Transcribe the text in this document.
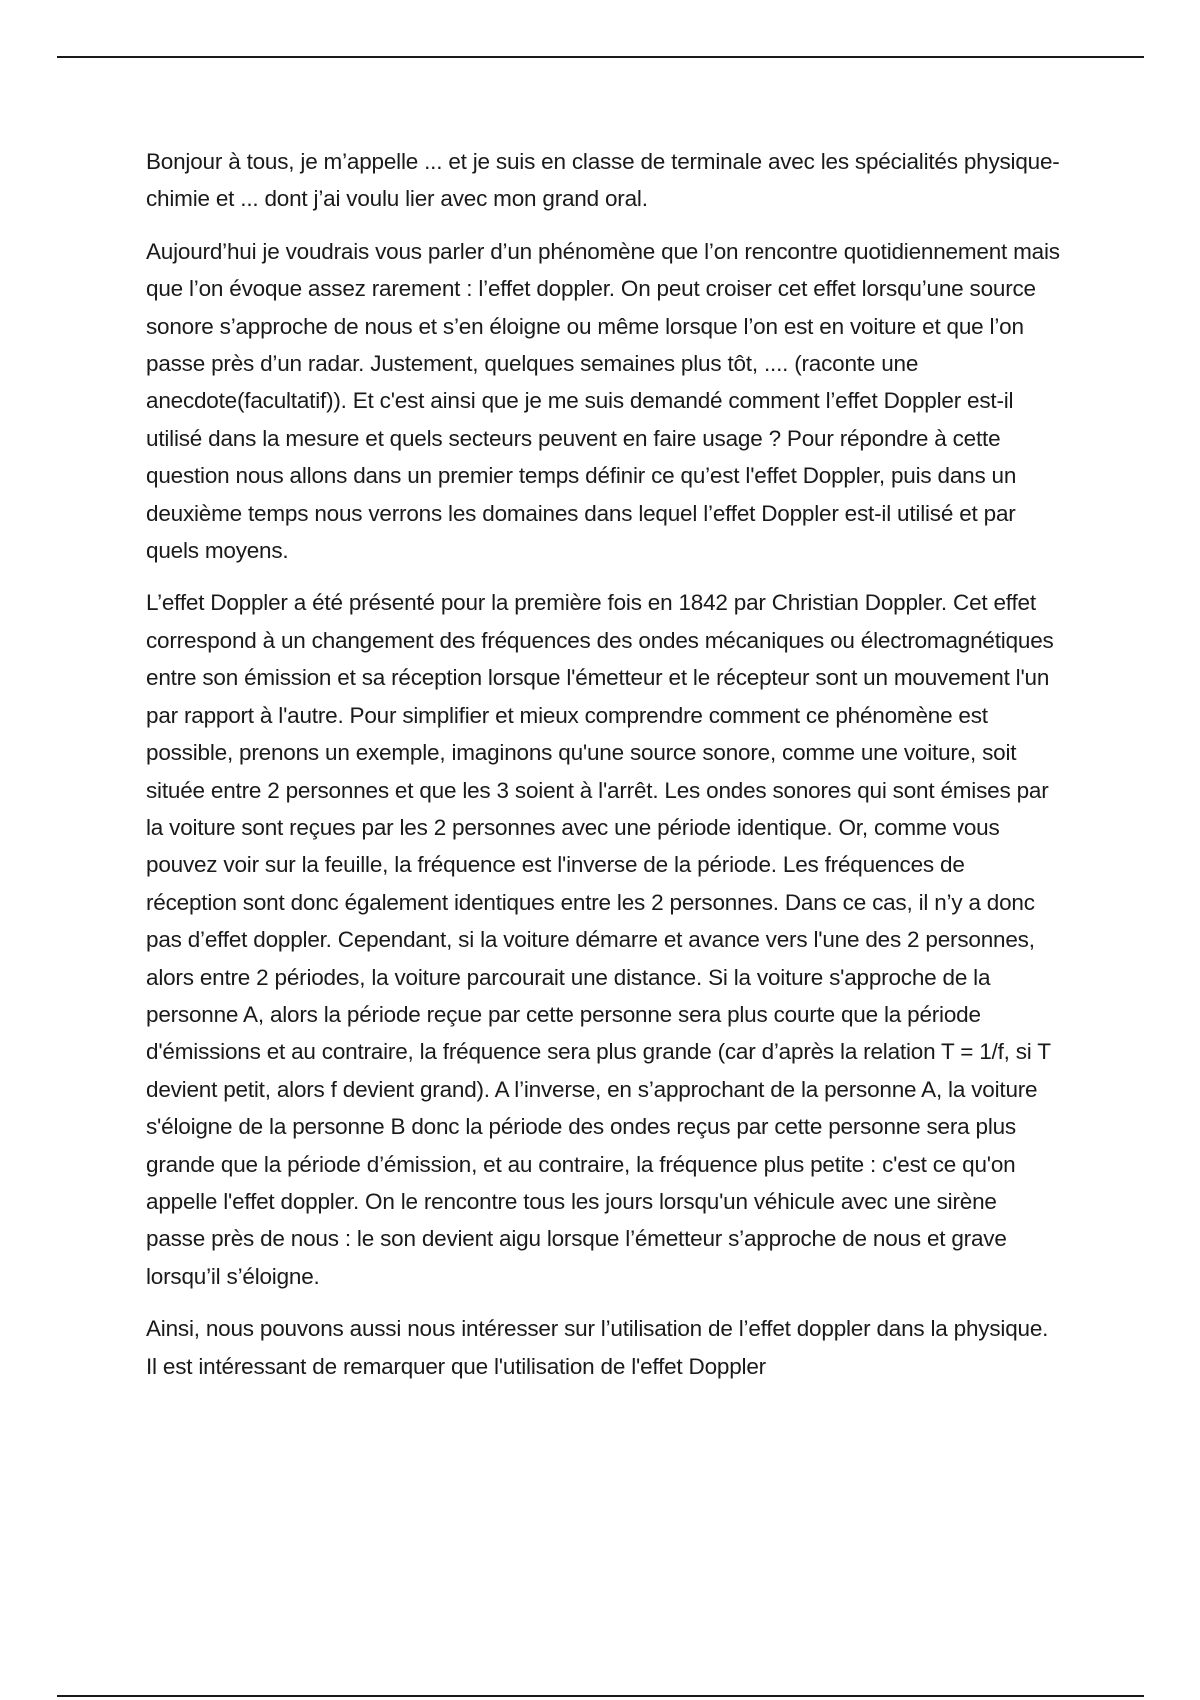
Bonjour à tous, je m’appelle ... et je suis en classe de terminale avec les spécialités physique-chimie et ... dont j’ai voulu lier avec mon grand oral.

Aujourd’hui je voudrais vous parler d’un phénomène que l’on rencontre quotidiennement mais que l’on évoque assez rarement : l’effet doppler. On peut croiser cet effet lorsqu’une source sonore s’approche de nous et s’en éloigne ou même lorsque l’on est en voiture et que l’on passe près d’un radar. Justement, quelques semaines plus tôt, .... (raconte une anecdote(facultatif)). Et c'est ainsi que je me suis demandé comment l’effet Doppler est-il utilisé dans la mesure et quels secteurs peuvent en faire usage ? Pour répondre à cette question nous allons dans un premier temps définir ce qu’est l'effet Doppler, puis dans un deuxième temps nous verrons les domaines dans lequel l’effet Doppler est-il utilisé et par quels moyens.

L’effet Doppler a été présenté pour la première fois en 1842 par Christian Doppler. Cet effet correspond à un changement des fréquences des ondes mécaniques ou électromagnétiques entre son émission et sa réception lorsque l'émetteur et le récepteur sont un mouvement l'un par rapport à l'autre. Pour simplifier et mieux comprendre comment ce phénomène est possible, prenons un exemple, imaginons qu'une source sonore, comme une voiture, soit située entre 2 personnes et que les 3 soient à l'arrêt. Les ondes sonores qui sont émises par la voiture sont reçues par les 2 personnes avec une période identique. Or, comme vous pouvez voir sur la feuille, la fréquence est l'inverse de la période. Les fréquences de réception sont donc également identiques entre les 2 personnes. Dans ce cas, il n’y a donc pas d’effet doppler. Cependant, si la voiture démarre et avance vers l'une des 2 personnes, alors entre 2 périodes, la voiture parcourait une distance. Si la voiture s'approche de la personne A, alors la période reçue par cette personne sera plus courte que la période d'émissions et au contraire, la fréquence sera plus grande (car d’après la relation T = 1/f, si T devient petit, alors f devient grand). A l’inverse, en s’approchant de la personne A, la voiture s'éloigne de la personne B donc la période des ondes reçus par cette personne sera plus grande que la période d’émission, et au contraire, la fréquence plus petite : c'est ce qu'on appelle l'effet doppler. On le rencontre tous les jours lorsqu'un véhicule avec une sirène passe près de nous : le son devient aigu lorsque l’émetteur s’approche de nous et grave lorsqu’il s’éloigne.

Ainsi, nous pouvons aussi nous intéresser sur l’utilisation de l’effet doppler dans la physique. Il est intéressant de remarquer que l'utilisation de l'effet Doppler
